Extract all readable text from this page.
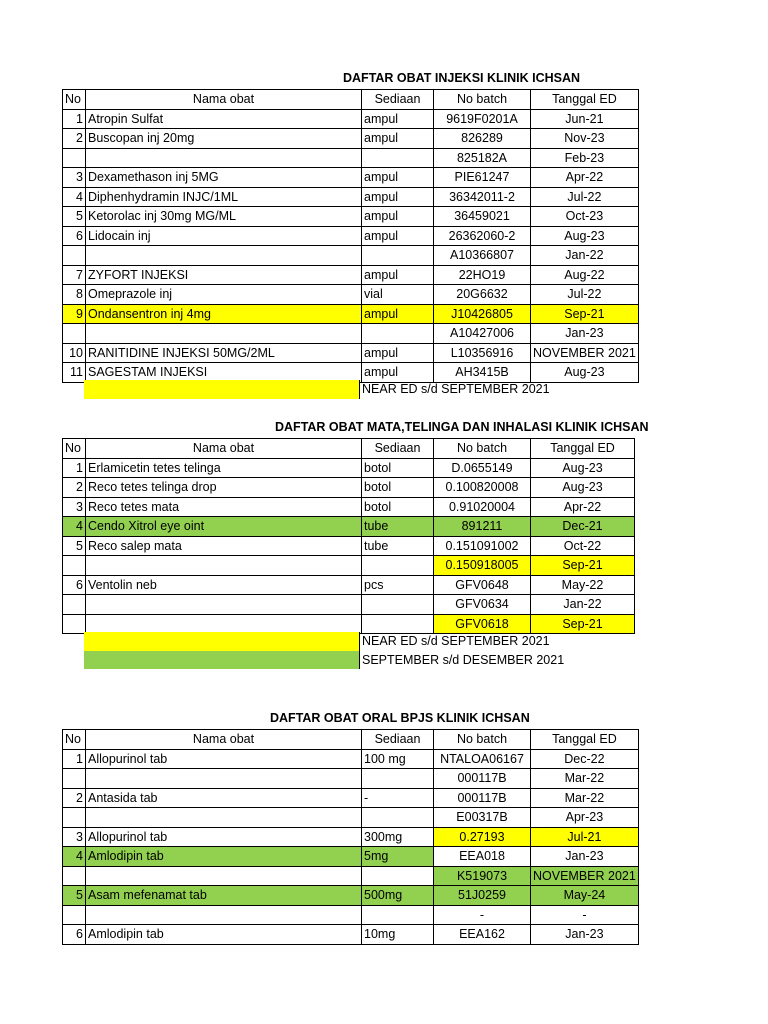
DAFTAR OBAT INJEKSI KLINIK ICHSAN
No	Nama obat	Sediaan	No batch	Tanggal ED
1	Atropin Sulfat	ampul	9619F0201A	Jun-21
2	Buscopan inj 20mg	ampul	826289	Nov-23
			825182A	Feb-23
3	Dexamethason inj 5MG	ampul	PIE61247	Apr-22
4	Diphenhydramin INJC/1ML	ampul	36342011-2	Jul-22
5	Ketorolac inj 30mg MG/ML	ampul	36459021	Oct-23
6	Lidocain inj	ampul	26362060-2	Aug-23
			A10366807	Jan-22
7	ZYFORT INJEKSI	ampul	22HO19	Aug-22
8	Omeprazole inj	vial	20G6632	Jul-22
9	Ondansentron inj 4mg	ampul	J10426805	Sep-21
			A10427006	Jan-23
10	RANITIDINE INJEKSI 50MG/2ML	ampul	L10356916	NOVEMBER 2021
11	SAGESTAM INJEKSI	ampul	AH3415B	Aug-23
	NEAR ED s/d SEPTEMBER 2021
DAFTAR OBAT MATA,TELINGA DAN INHALASI KLINIK ICHSAN
No	Nama obat	Sediaan	No batch	Tanggal ED
1	Erlamicetin tetes telinga	botol	D.0655149	Aug-23
2	Reco tetes telinga drop	botol	0.100820008	Aug-23
3	Reco tetes mata	botol	0.91020004	Apr-22
4	Cendo Xitrol eye oint	tube	891211	Dec-21
5	Reco salep mata	tube	0.151091002	Oct-22
			0.150918005	Sep-21
6	Ventolin neb	pcs	GFV0648	May-22
			GFV0634	Jan-22
			GFV0618	Sep-21
	NEAR ED s/d SEPTEMBER 2021
	SEPTEMBER s/d DESEMBER 2021
DAFTAR OBAT ORAL BPJS KLINIK ICHSAN
No	Nama obat	Sediaan	No batch	Tanggal ED
1	Allopurinol tab	100 mg	NTALOA06167	Dec-22
			000117B	Mar-22
2	Antasida tab	-	000117B	Mar-22
			E00317B	Apr-23
3	Allopurinol tab	300mg	0.27193	Jul-21
4	Amlodipin tab	5mg	EEA018	Jan-23
			K519073	NOVEMBER 2021
5	Asam mefenamat tab	500mg	51J0259	May-24
			-	-
6	Amlodipin tab	10mg	EEA162	Jan-23
